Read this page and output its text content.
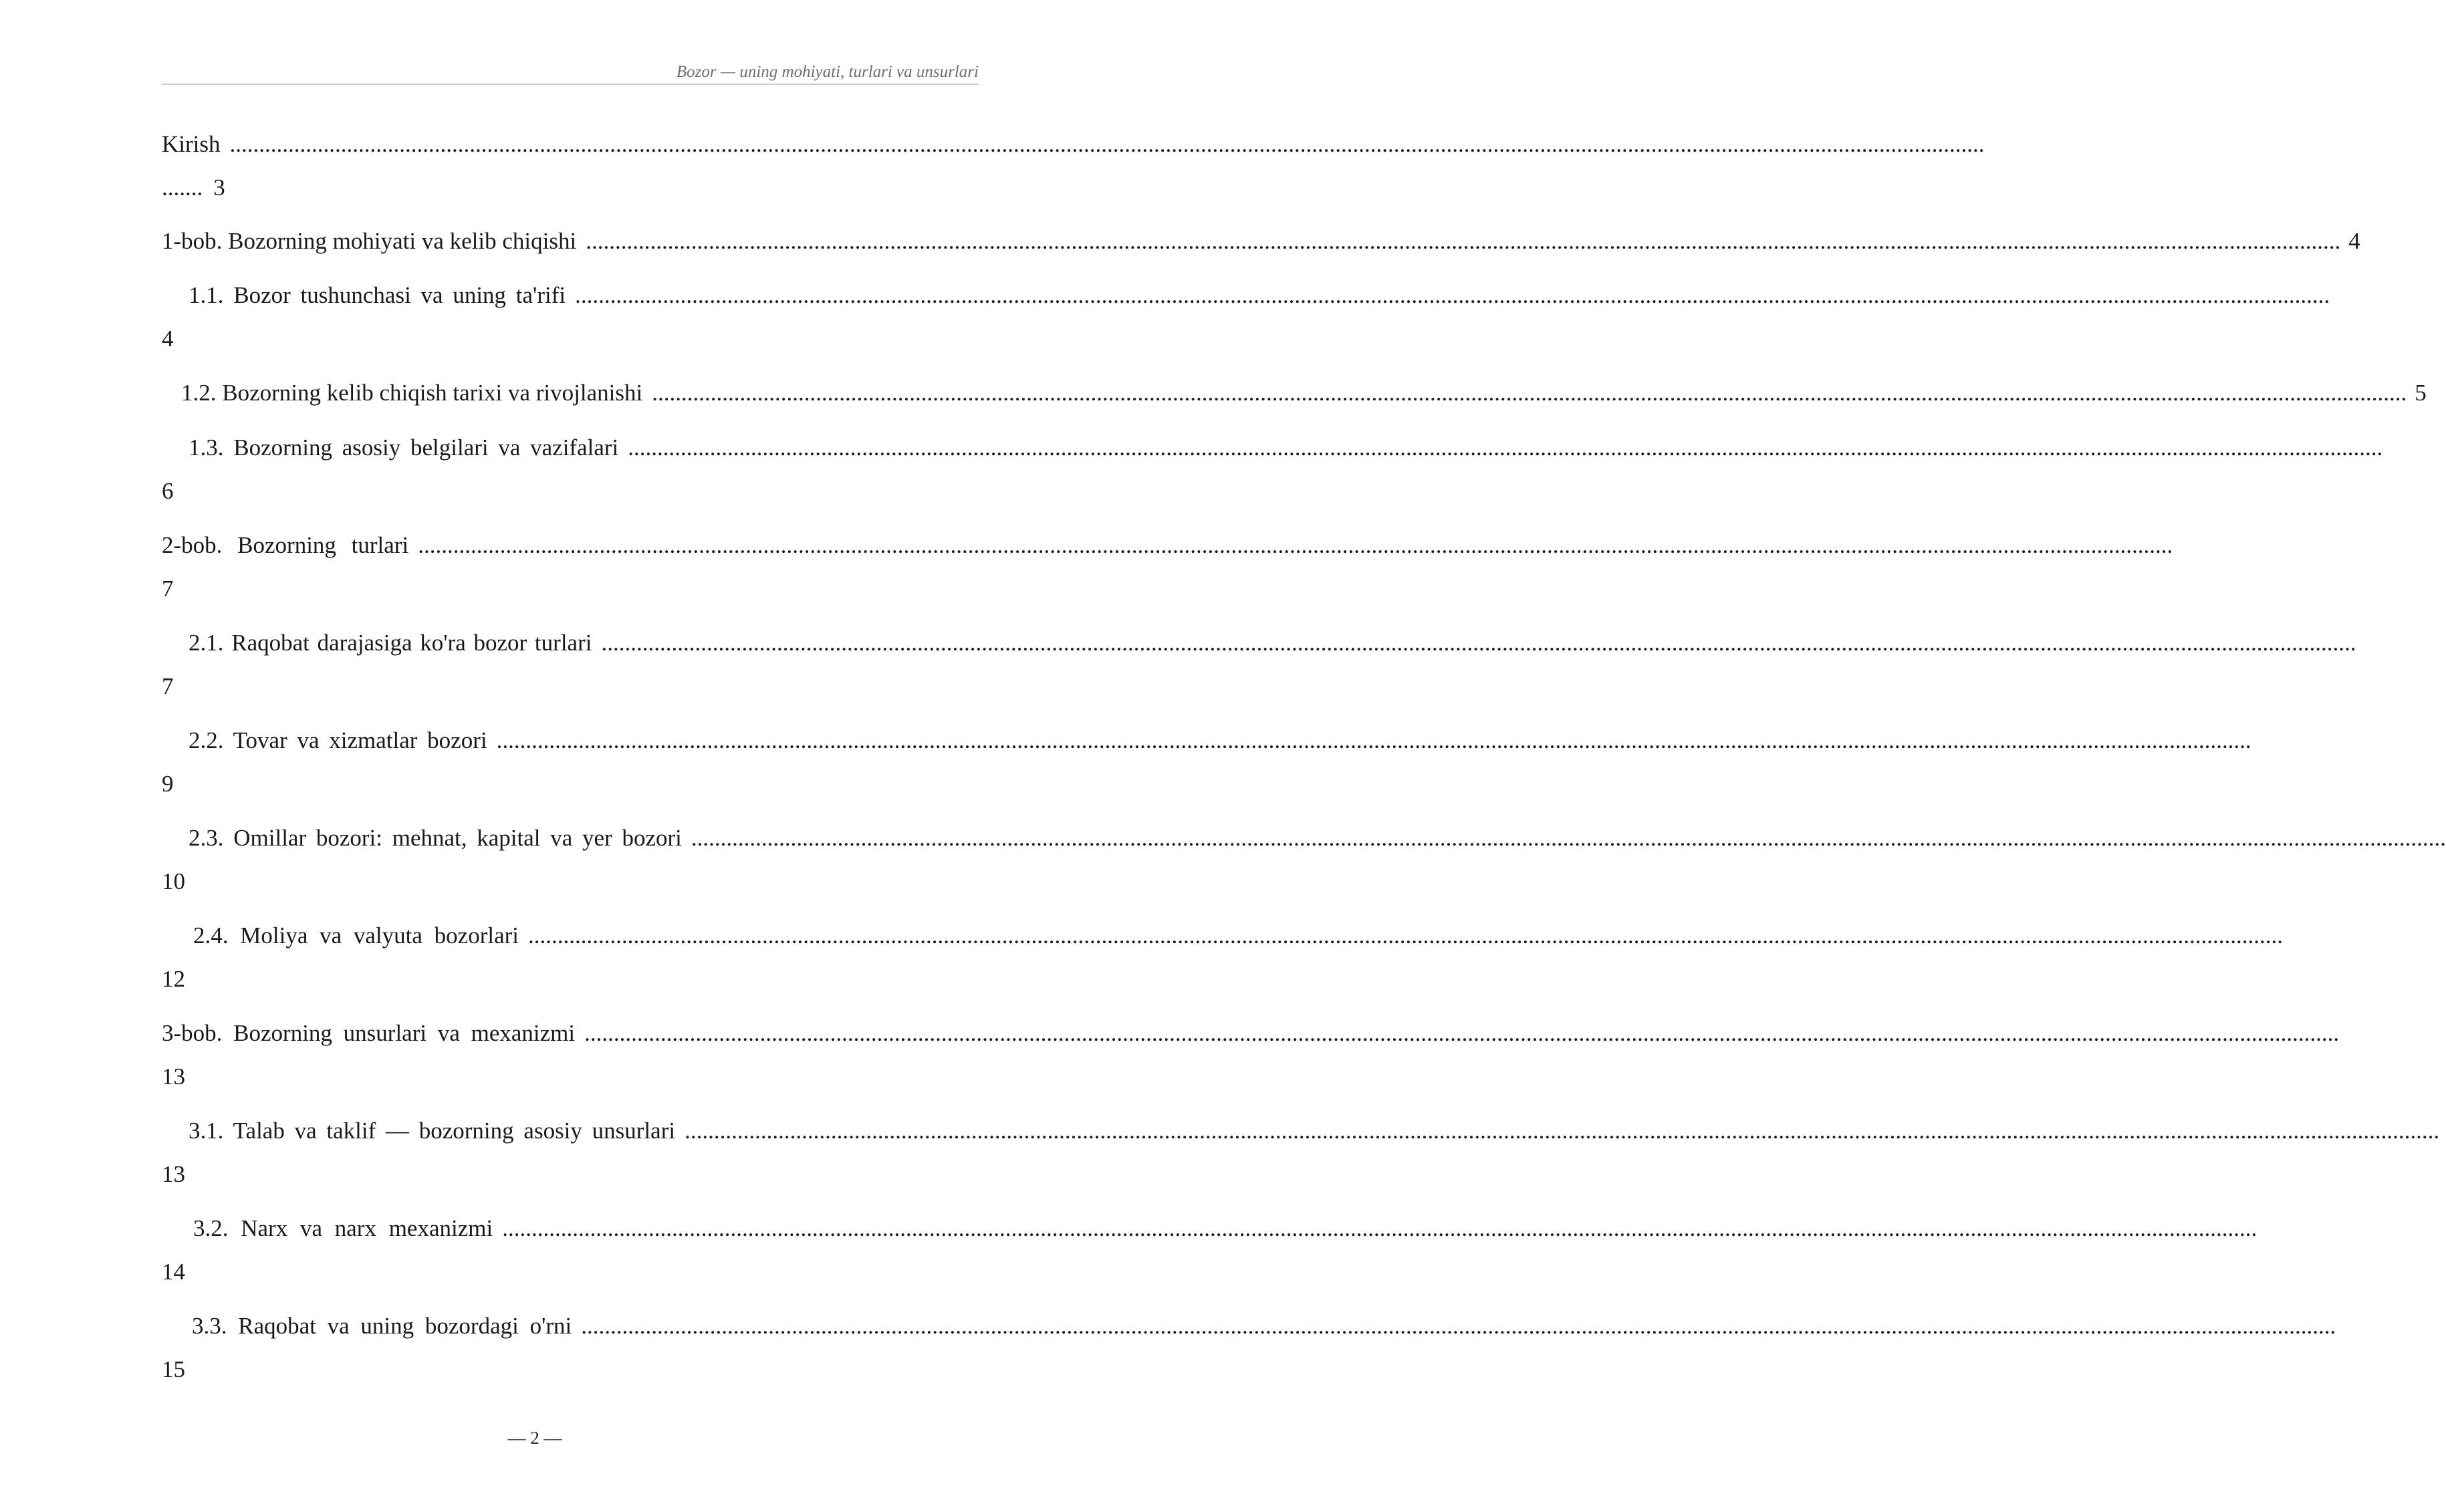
Bozor — uning mohiyati, turlari va unsurlari
Kirish ............................................................................................................................................................................................................................................................................................................
....... 3
1-bob. Bozorning mohiyati va kelib chiqishi ............................................................................................................................................................................................................................................................................................................ 4
1.1. Bozor tushunchasi va uning ta'rifi ............................................................................................................................................................................................................................................................................................................
4
1.2. Bozorning kelib chiqish tarixi va rivojlanishi ............................................................................................................................................................................................................................................................................................................ 5
1.3. Bozorning asosiy belgilari va vazifalari ............................................................................................................................................................................................................................................................................................................
6
2-bob. Bozorning turlari ............................................................................................................................................................................................................................................................................................................
7
2.1. Raqobat darajasiga ko'ra bozor turlari ............................................................................................................................................................................................................................................................................................................
7
2.2. Tovar va xizmatlar bozori ............................................................................................................................................................................................................................................................................................................
9
2.3. Omillar bozori: mehnat, kapital va yer bozori ............................................................................................................................................................................................................................................................................................................
10
2.4. Moliya va valyuta bozorlari ............................................................................................................................................................................................................................................................................................................
12
3-bob. Bozorning unsurlari va mexanizmi ............................................................................................................................................................................................................................................................................................................
13
3.1. Talab va taklif — bozorning asosiy unsurlari ............................................................................................................................................................................................................................................................................................................
13
3.2. Narx va narx mexanizmi ............................................................................................................................................................................................................................................................................................................
14
3.3. Raqobat va uning bozordagi o'rni ............................................................................................................................................................................................................................................................................................................
15
— 2 —
